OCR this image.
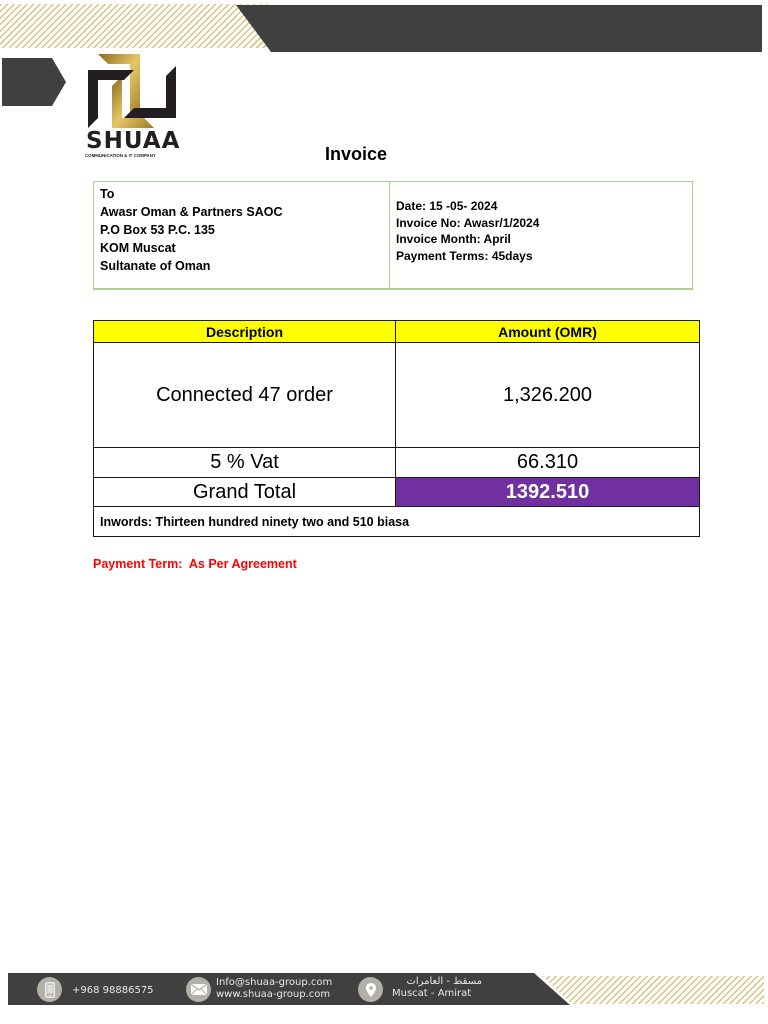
SHUAA
COMMUNICATION & IT COMPANY	Invoice
To
Awasr Oman & Partners SAOC
P.O Box 53 P.C. 135
KOM Muscat
Sultanate of Oman
Date: 15 -05- 2024
Invoice No: Awasr/1/2024
Invoice Month: April
Payment Terms: 45days
Description	Amount (OMR)
Connected 47 order	1,326.200
5 % Vat	66.310
Grand Total	1392.510
Inwords: Thirteen hundred ninety two and 510 biasa	
Payment Term:  As Per Agreement
+968 98886575
Info@shuaa-group.com
www.shuaa-group.com
مسقط - العامرات
Muscat - Amirat
